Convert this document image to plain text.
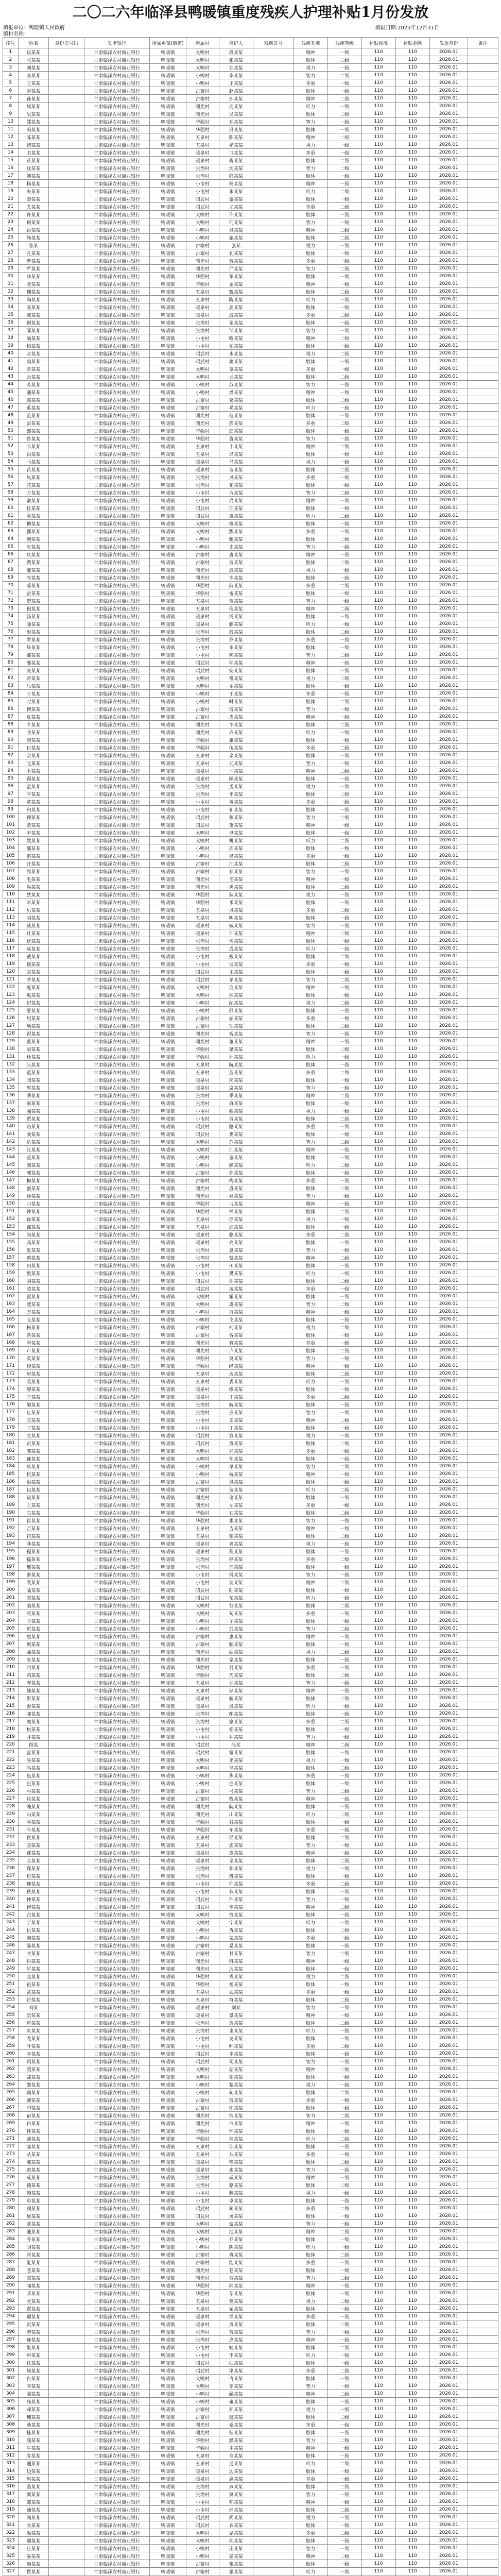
二〇二六年临泽县鸭暖镇重度残疾人护理补贴1月份发放
填报单位：鸭暖镇人民政府
镇村名称：
填报日期:2025年12月31日
序号	姓名	身份证号码	发卡银行	所属乡镇(街道)	所属村	监护人	残疾证号	残疾类别	残疾等级	补贴标准	补贴金额	发放月份	备注
1	段某某		甘肃临泽农村商业银行	鸭暖镇	大鸭村	段某某		精神	一级	110	110	2026.01	
2	张某某		甘肃临泽农村商业银行	鸭暖镇	大鸭村	张某某		肢体	二级	110	110	2026.01	
3	刘某某		甘肃临泽农村商业银行	鸭暖镇	大鸭村	刘某某		视力	一级	110	110	2026.01	
4	李某某		甘肃临泽农村商业银行	鸭暖镇	小鸭村	李某某		智力	二级	110	110	2026.01	
5	王某某		甘肃临泽农村商业银行	鸭暖镇	小鸭村	王某某		多重	一级	110	110	2026.01	
6	赵某某		甘肃临泽农村商业银行	鸭暖镇	古寨村	赵某某		肢体	一级	110	110	2026.01	
7	孙某某		甘肃临泽农村商业银行	鸭暖镇	古寨村	孙某某		精神	二级	110	110	2026.01	
8	周某某		甘肃临泽农村商业银行	鸭暖镇	曙光村	周某某		听力	一级	110	110	2026.01	
9	吴某某		甘肃临泽农村商业银行	鸭暖镇	曙光村	吴某某		肢体	二级	110	110	2026.01	
10	郑某某		甘肃临泽农村商业银行	鸭暖镇	华强村	郑某某		智力	一级	110	110	2026.01	
11	冯某某		甘肃临泽农村商业银行	鸭暖镇	华强村	冯某某		肢体	一级	110	110	2026.01	
12	陈某某		甘肃临泽农村商业银行	鸭暖镇	五泉村	陈某某		精神	二级	110	110	2026.01	
13	褚某某		甘肃临泽农村商业银行	鸭暖镇	五泉村	褚某某		视力	一级	110	110	2026.01	
14	卫某某		甘肃临泽农村商业银行	鸭暖镇	暖泉村	卫某某		多重	一级	110	110	2026.01	
15	蒋某某		甘肃临泽农村商业银行	鸭暖镇	暖泉村	蒋某某		肢体	二级	110	110	2026.01	
16	沈某某		甘肃临泽农村商业银行	鸭暖镇	张湾村	沈某某		智力	二级	110	110	2026.01	
17	韩某某		甘肃临泽农村商业银行	鸭暖镇	张湾村	韩某某		肢体	一级	110	110	2026.01	
18	杨某某		甘肃临泽农村商业银行	鸭暖镇	小屯村	杨某某		精神	一级	110	110	2026.01	
19	朱某某		甘肃临泽农村商业银行	鸭暖镇	小屯村	朱某某		听力	二级	110	110	2026.01	
20	秦某某		甘肃临泽农村商业银行	鸭暖镇	昭武村	秦某某		肢体	一级	110	110	2026.01	
21	尤某某		甘肃临泽农村商业银行	鸭暖镇	昭武村	尤某某		多重	二级	110	110	2026.01	
22	许某某		甘肃临泽农村商业银行	鸭暖镇	大鸭村	许某某		肢体	一级	110	110	2026.01	
23	何某某		甘肃临泽农村商业银行	鸭暖镇	大鸭村	何某某		智力	一级	110	110	2026.01	
24	吕某某		甘肃临泽农村商业银行	鸭暖镇	小鸭村	吕某某		精神	二级	110	110	2026.01	
25	施某某		甘肃临泽农村商业银行	鸭暖镇	小鸭村	施某某		肢体	二级	110	110	2026.01	
26	张某		甘肃临泽农村商业银行	鸭暖镇	古寨村	张某		视力	一级	110	110	2026.01	
27	孔某某		甘肃临泽农村商业银行	鸭暖镇	古寨村	孔某某		肢体	一级	110	110	2026.01	
28	曹某某		甘肃临泽农村商业银行	鸭暖镇	曙光村	曹某某		多重	一级	110	110	2026.01	
29	严某某		甘肃临泽农村商业银行	鸭暖镇	曙光村	严某某		智力	二级	110	110	2026.01	
30	华某某		甘肃临泽农村商业银行	鸭暖镇	华强村	华某某		肢体	一级	110	110	2026.01	
31	金某某		甘肃临泽农村商业银行	鸭暖镇	华强村	金某某		精神	一级	110	110	2026.01	
32	魏某某		甘肃临泽农村商业银行	鸭暖镇	五泉村	魏某某		肢体	二级	110	110	2026.01	
33	陶某某		甘肃临泽农村商业银行	鸭暖镇	五泉村	陶某某		听力	一级	110	110	2026.01	
34	姜某某		甘肃临泽农村商业银行	鸭暖镇	暖泉村	姜某某		肢体	一级	110	110	2026.01	
35	戚某某		甘肃临泽农村商业银行	鸭暖镇	暖泉村	戚某某		多重	二级	110	110	2026.01	
36	谢某某		甘肃临泽农村商业银行	鸭暖镇	张湾村	谢某某		肢体	一级	110	110	2026.01	
37	邹某某		甘肃临泽农村商业银行	鸭暖镇	张湾村	邹某某		智力	一级	110	110	2026.01	
38	喻某某		甘肃临泽农村商业银行	鸭暖镇	小屯村	喻某某		精神	二级	110	110	2026.01	
39	柏某某		甘肃临泽农村商业银行	鸭暖镇	小屯村	柏某某		肢体	一级	110	110	2026.01	
40	水某某		甘肃临泽农村商业银行	鸭暖镇	昭武村	水某某		视力	二级	110	110	2026.01	
41	窦某某		甘肃临泽农村商业银行	鸭暖镇	昭武村	窦某某		肢体	一级	110	110	2026.01	
42	章某某		甘肃临泽农村商业银行	鸭暖镇	大鸭村	章某某		多重	一级	110	110	2026.01	
43	云某某		甘肃临泽农村商业银行	鸭暖镇	大鸭村	云某某		肢体	二级	110	110	2026.01	
44	苏某某		甘肃临泽农村商业银行	鸭暖镇	小鸭村	苏某某		智力	一级	110	110	2026.01	
45	潘某某		甘肃临泽农村商业银行	鸭暖镇	小鸭村	潘某某		精神	一级	110	110	2026.01	
46	葛某某		甘肃临泽农村商业银行	鸭暖镇	古寨村	葛某某		肢体	二级	110	110	2026.01	
47	奚某某		甘肃临泽农村商业银行	鸭暖镇	古寨村	奚某某		听力	一级	110	110	2026.01	
48	范某某		甘肃临泽农村商业银行	鸭暖镇	曙光村	范某某		肢体	一级	110	110	2026.01	
49	彭某某		甘肃临泽农村商业银行	鸭暖镇	曙光村	彭某某		多重	二级	110	110	2026.01	
50	郎某某		甘肃临泽农村商业银行	鸭暖镇	华强村	郎某某		肢体	一级	110	110	2026.01	
51	鲁某某		甘肃临泽农村商业银行	鸭暖镇	华强村	鲁某某		智力	一级	110	110	2026.01	
52	韦某某		甘肃临泽农村商业银行	鸭暖镇	五泉村	韦某某		精神	二级	110	110	2026.01	
53	昌某某		甘肃临泽农村商业银行	鸭暖镇	五泉村	昌某某		肢体	一级	110	110	2026.01	
54	马某某		甘肃临泽农村商业银行	鸭暖镇	暖泉村	马某某		视力	一级	110	110	2026.01	
55	苗某某		甘肃临泽农村商业银行	鸭暖镇	暖泉村	苗某某		肢体	二级	110	110	2026.01	
56	凤某某		甘肃临泽农村商业银行	鸭暖镇	张湾村	凤某某		多重	一级	110	110	2026.01	
57	花某某		甘肃临泽农村商业银行	鸭暖镇	张湾村	花某某		肢体	一级	110	110	2026.01	
58	方某某		甘肃临泽农村商业银行	鸭暖镇	小屯村	方某某		智力	二级	110	110	2026.01	
59	俞某某		甘肃临泽农村商业银行	鸭暖镇	小屯村	俞某某		精神	一级	110	110	2026.01	
60	任某某		甘肃临泽农村商业银行	鸭暖镇	昭武村	任某某		肢体	一级	110	110	2026.01	
61	袁某某		甘肃临泽农村商业银行	鸭暖镇	昭武村	袁某某		听力	二级	110	110	2026.01	
62	柳某某		甘肃临泽农村商业银行	鸭暖镇	大鸭村	柳某某		肢体	一级	110	110	2026.01	
63	酆某某		甘肃临泽农村商业银行	鸭暖镇	大鸭村	酆某某		多重	一级	110	110	2026.01	
64	鲍某某		甘肃临泽农村商业银行	鸭暖镇	小鸭村	鲍某某		肢体	二级	110	110	2026.01	
65	史某某		甘肃临泽农村商业银行	鸭暖镇	小鸭村	史某某		智力	一级	110	110	2026.01	
66	唐某某		甘肃临泽农村商业银行	鸭暖镇	古寨村	唐某某		精神	一级	110	110	2026.01	
67	费某某		甘肃临泽农村商业银行	鸭暖镇	古寨村	费某某		肢体	二级	110	110	2026.01	
68	廉某某		甘肃临泽农村商业银行	鸭暖镇	曙光村	廉某某		视力	一级	110	110	2026.01	
69	岑某某		甘肃临泽农村商业银行	鸭暖镇	曙光村	岑某某		肢体	一级	110	110	2026.01	
70	薛某某		甘肃临泽农村商业银行	鸭暖镇	华强村	薛某某		多重	二级	110	110	2026.01	
71	雷某某		甘肃临泽农村商业银行	鸭暖镇	华强村	雷某某		肢体	一级	110	110	2026.01	
72	贺某某		甘肃临泽农村商业银行	鸭暖镇	五泉村	贺某某		智力	一级	110	110	2026.01	
73	倪某某		甘肃临泽农村商业银行	鸭暖镇	五泉村	倪某某		精神	二级	110	110	2026.01	
74	汤某某		甘肃临泽农村商业银行	鸭暖镇	暖泉村	汤某某		肢体	一级	110	110	2026.01	
75	滕某某		甘肃临泽农村商业银行	鸭暖镇	暖泉村	滕某某		听力	一级	110	110	2026.01	
76	殷某某		甘肃临泽农村商业银行	鸭暖镇	张湾村	殷某某		肢体	二级	110	110	2026.01	
77	罗某某		甘肃临泽农村商业银行	鸭暖镇	张湾村	罗某某		多重	一级	110	110	2026.01	
78	毕某某		甘肃临泽农村商业银行	鸭暖镇	小屯村	毕某某		肢体	一级	110	110	2026.01	
79	郝某某		甘肃临泽农村商业银行	鸭暖镇	小屯村	郝某某		智力	二级	110	110	2026.01	
80	邬某某		甘肃临泽农村商业银行	鸭暖镇	昭武村	邬某某		精神	一级	110	110	2026.01	
81	安某某		甘肃临泽农村商业银行	鸭暖镇	昭武村	安某某		肢体	一级	110	110	2026.01	
82	常某某		甘肃临泽农村商业银行	鸭暖镇	大鸭村	常某某		视力	二级	110	110	2026.01	
83	乐某某		甘肃临泽农村商业银行	鸭暖镇	大鸭村	乐某某		肢体	一级	110	110	2026.01	
84	于某某		甘肃临泽农村商业银行	鸭暖镇	小鸭村	于某某		多重	一级	110	110	2026.01	
85	时某某		甘肃临泽农村商业银行	鸭暖镇	小鸭村	时某某		肢体	二级	110	110	2026.01	
86	傅某某		甘肃临泽农村商业银行	鸭暖镇	古寨村	傅某某		智力	一级	110	110	2026.01	
87	皮某某		甘肃临泽农村商业银行	鸭暖镇	古寨村	皮某某		精神	一级	110	110	2026.01	
88	卞某某		甘肃临泽农村商业银行	鸭暖镇	曙光村	卞某某		肢体	二级	110	110	2026.01	
89	齐某某		甘肃临泽农村商业银行	鸭暖镇	曙光村	齐某某		听力	一级	110	110	2026.01	
90	康某某		甘肃临泽农村商业银行	鸭暖镇	华强村	康某某		肢体	一级	110	110	2026.01	
91	伍某某		甘肃临泽农村商业银行	鸭暖镇	华强村	伍某某		多重	二级	110	110	2026.01	
92	余某某		甘肃临泽农村商业银行	鸭暖镇	五泉村	余某某		肢体	一级	110	110	2026.01	
93	元某某		甘肃临泽农村商业银行	鸭暖镇	五泉村	元某某		智力	一级	110	110	2026.01	
94	卜某某		甘肃临泽农村商业银行	鸭暖镇	暖泉村	卜某某		精神	二级	110	110	2026.01	
95	顾某某		甘肃临泽农村商业银行	鸭暖镇	暖泉村	顾某某		肢体	一级	110	110	2026.01	
96	孟某某		甘肃临泽农村商业银行	鸭暖镇	张湾村	孟某某		视力	一级	110	110	2026.01	
97	平某某		甘肃临泽农村商业银行	鸭暖镇	张湾村	平某某		肢体	二级	110	110	2026.01	
98	黄某某		甘肃临泽农村商业银行	鸭暖镇	小屯村	黄某某		多重	一级	110	110	2026.01	
99	和某某		甘肃临泽农村商业银行	鸭暖镇	小屯村	和某某		肢体	一级	110	110	2026.01	
100	穆某某		甘肃临泽农村商业银行	鸭暖镇	昭武村	穆某某		智力	二级	110	110	2026.01	
101	萧某某		甘肃临泽农村商业银行	鸭暖镇	昭武村	萧某某		精神	一级	110	110	2026.01	
102	尹某某		甘肃临泽农村商业银行	鸭暖镇	大鸭村	尹某某		肢体	一级	110	110	2026.01	
103	姚某某		甘肃临泽农村商业银行	鸭暖镇	大鸭村	姚某某		听力	二级	110	110	2026.01	
104	邵某某		甘肃临泽农村商业银行	鸭暖镇	小鸭村	邵某某		肢体	一级	110	110	2026.01	
105	湛某某		甘肃临泽农村商业银行	鸭暖镇	小鸭村	湛某某		多重	一级	110	110	2026.01	
106	汪某某		甘肃临泽农村商业银行	鸭暖镇	古寨村	汪某某		肢体	二级	110	110	2026.01	
107	祁某某		甘肃临泽农村商业银行	鸭暖镇	古寨村	祁某某		智力	一级	110	110	2026.01	
108	毛某某		甘肃临泽农村商业银行	鸭暖镇	曙光村	毛某某		精神	一级	110	110	2026.01	
109	禹某某		甘肃临泽农村商业银行	鸭暖镇	曙光村	禹某某		肢体	二级	110	110	2026.01	
110	狄某某		甘肃临泽农村商业银行	鸭暖镇	华强村	狄某某		视力	一级	110	110	2026.01	
111	米某某		甘肃临泽农村商业银行	鸭暖镇	华强村	米某某		肢体	一级	110	110	2026.01	
112	贝某某		甘肃临泽农村商业银行	鸭暖镇	五泉村	贝某某		多重	二级	110	110	2026.01	
113	明某某		甘肃临泽农村商业银行	鸭暖镇	五泉村	明某某		肢体	一级	110	110	2026.01	
114	臧某某		甘肃临泽农村商业银行	鸭暖镇	暖泉村	臧某某		智力	一级	110	110	2026.01	
115	计某某		甘肃临泽农村商业银行	鸭暖镇	暖泉村	计某某		精神	二级	110	110	2026.01	
116	伏某某		甘肃临泽农村商业银行	鸭暖镇	张湾村	伏某某		肢体	一级	110	110	2026.01	
117	成某某		甘肃临泽农村商业银行	鸭暖镇	张湾村	成某某		听力	一级	110	110	2026.01	
118	戴某某		甘肃临泽农村商业银行	鸭暖镇	小屯村	戴某某		肢体	二级	110	110	2026.01	
119	谈某某		甘肃临泽农村商业银行	鸭暖镇	小屯村	谈某某		多重	一级	110	110	2026.01	
120	宋某某		甘肃临泽农村商业银行	鸭暖镇	昭武村	宋某某		肢体	一级	110	110	2026.01	
121	茅某某		甘肃临泽农村商业银行	鸭暖镇	昭武村	茅某某		智力	二级	110	110	2026.01	
122	庞某某		甘肃临泽农村商业银行	鸭暖镇	大鸭村	庞某某		精神	一级	110	110	2026.01	
123	熊某某		甘肃临泽农村商业银行	鸭暖镇	大鸭村	熊某某		肢体	一级	110	110	2026.01	
124	纪某某		甘肃临泽农村商业银行	鸭暖镇	小鸭村	纪某某		视力	二级	110	110	2026.01	
125	舒某某		甘肃临泽农村商业银行	鸭暖镇	小鸭村	舒某某		肢体	一级	110	110	2026.01	
126	屈某某		甘肃临泽农村商业银行	鸭暖镇	古寨村	屈某某		多重	一级	110	110	2026.01	
127	项某某		甘肃临泽农村商业银行	鸭暖镇	古寨村	项某某		肢体	二级	110	110	2026.01	
128	祝某某		甘肃临泽农村商业银行	鸭暖镇	曙光村	祝某某		智力	一级	110	110	2026.01	
129	董某某		甘肃临泽农村商业银行	鸭暖镇	曙光村	董某某		精神	一级	110	110	2026.01	
130	梁某某		甘肃临泽农村商业银行	鸭暖镇	华强村	梁某某		肢体	二级	110	110	2026.01	
131	杜某某		甘肃临泽农村商业银行	鸭暖镇	华强村	杜某某		听力	一级	110	110	2026.01	
132	阮某某		甘肃临泽农村商业银行	鸭暖镇	五泉村	阮某某		肢体	一级	110	110	2026.01	
133	蓝某某		甘肃临泽农村商业银行	鸭暖镇	五泉村	蓝某某		多重	二级	110	110	2026.01	
134	闵某某		甘肃临泽农村商业银行	鸭暖镇	暖泉村	闵某某		肢体	一级	110	110	2026.01	
135	席某某		甘肃临泽农村商业银行	鸭暖镇	暖泉村	席某某		智力	一级	110	110	2026.01	
136	季某某		甘肃临泽农村商业银行	鸭暖镇	张湾村	季某某		精神	二级	110	110	2026.01	
137	麻某某		甘肃临泽农村商业银行	鸭暖镇	张湾村	麻某某		肢体	一级	110	110	2026.01	
138	强某某		甘肃临泽农村商业银行	鸭暖镇	小屯村	强某某		视力	一级	110	110	2026.01	
139	贾某某		甘肃临泽农村商业银行	鸭暖镇	小屯村	贾某某		肢体	二级	110	110	2026.01	
140	路某某		甘肃临泽农村商业银行	鸭暖镇	昭武村	路某某		多重	一级	110	110	2026.01	
141	娄某某		甘肃临泽农村商业银行	鸭暖镇	昭武村	娄某某		肢体	一级	110	110	2026.01	
142	危某某		甘肃临泽农村商业银行	鸭暖镇	大鸭村	危某某		智力	二级	110	110	2026.01	
143	江某某		甘肃临泽农村商业银行	鸭暖镇	大鸭村	江某某		精神	一级	110	110	2026.01	
144	童某某		甘肃临泽农村商业银行	鸭暖镇	小鸭村	童某某		肢体	一级	110	110	2026.01	
145	颜某某		甘肃临泽农村商业银行	鸭暖镇	小鸭村	颜某某		听力	二级	110	110	2026.01	
146	郭某某		甘肃临泽农村商业银行	鸭暖镇	古寨村	郭某某		肢体	一级	110	110	2026.01	
147	梅某某		甘肃临泽农村商业银行	鸭暖镇	古寨村	梅某某		多重	一级	110	110	2026.01	
148	盛某某		甘肃临泽农村商业银行	鸭暖镇	曙光村	盛某某		肢体	二级	110	110	2026.01	
149	林某某		甘肃临泽农村商业银行	鸭暖镇	曙光村	林某某		智力	一级	110	110	2026.01	
150	刁某某		甘肃临泽农村商业银行	鸭暖镇	华强村	刁某某		精神	一级	110	110	2026.01	
151	钟某某		甘肃临泽农村商业银行	鸭暖镇	华强村	钟某某		肢体	二级	110	110	2026.01	
152	徐某某		甘肃临泽农村商业银行	鸭暖镇	五泉村	徐某某		视力	一级	110	110	2026.01	
153	邱某某		甘肃临泽农村商业银行	鸭暖镇	五泉村	邱某某		肢体	一级	110	110	2026.01	
154	骆某某		甘肃临泽农村商业银行	鸭暖镇	暖泉村	骆某某		多重	二级	110	110	2026.01	
155	高某某		甘肃临泽农村商业银行	鸭暖镇	暖泉村	高某某		肢体	一级	110	110	2026.01	
156	夏某某		甘肃临泽农村商业银行	鸭暖镇	张湾村	夏某某		智力	一级	110	110	2026.01	
157	蔡某某		甘肃临泽农村商业银行	鸭暖镇	张湾村	蔡某某		精神	二级	110	110	2026.01	
158	田某某		甘肃临泽农村商业银行	鸭暖镇	小屯村	田某某		肢体	一级	110	110	2026.01	
159	樊某某		甘肃临泽农村商业银行	鸭暖镇	小屯村	樊某某		听力	一级	110	110	2026.01	
160	胡某某		甘肃临泽农村商业银行	鸭暖镇	昭武村	胡某某		肢体	二级	110	110	2026.01	
161	凌某某		甘肃临泽农村商业银行	鸭暖镇	昭武村	凌某某		多重	一级	110	110	2026.01	
162	霍某某		甘肃临泽农村商业银行	鸭暖镇	大鸭村	霍某某		肢体	一级	110	110	2026.01	
163	虞某某		甘肃临泽农村商业银行	鸭暖镇	大鸭村	虞某某		智力	二级	110	110	2026.01	
164	万某某		甘肃临泽农村商业银行	鸭暖镇	小鸭村	万某某		精神	一级	110	110	2026.01	
165	支某某		甘肃临泽农村商业银行	鸭暖镇	小鸭村	支某某		肢体	一级	110	110	2026.01	
166	柯某某		甘肃临泽农村商业银行	鸭暖镇	古寨村	柯某某		视力	二级	110	110	2026.01	
167	昝某某		甘肃临泽农村商业银行	鸭暖镇	古寨村	昝某某		肢体	一级	110	110	2026.01	
168	管某某		甘肃临泽农村商业银行	鸭暖镇	曙光村	管某某		多重	一级	110	110	2026.01	
169	卢某某		甘肃临泽农村商业银行	鸭暖镇	曙光村	卢某某		肢体	二级	110	110	2026.01	
170	莫某某		甘肃临泽农村商业银行	鸭暖镇	华强村	莫某某		智力	一级	110	110	2026.01	
171	经某某		甘肃临泽农村商业银行	鸭暖镇	华强村	经某某		精神	一级	110	110	2026.01	
172	房某某		甘肃临泽农村商业银行	鸭暖镇	五泉村	房某某		肢体	二级	110	110	2026.01	
173	裘某某		甘肃临泽农村商业银行	鸭暖镇	五泉村	裘某某		听力	一级	110	110	2026.01	
174	缪某某		甘肃临泽农村商业银行	鸭暖镇	暖泉村	缪某某		肢体	一级	110	110	2026.01	
175	干某某		甘肃临泽农村商业银行	鸭暖镇	暖泉村	干某某		多重	二级	110	110	2026.01	
176	解某某		甘肃临泽农村商业银行	鸭暖镇	张湾村	解某某		肢体	一级	110	110	2026.01	
177	应某某		甘肃临泽农村商业银行	鸭暖镇	张湾村	应某某		智力	一级	110	110	2026.01	
178	宗某某		甘肃临泽农村商业银行	鸭暖镇	小屯村	宗某某		精神	二级	110	110	2026.01	
179	丁某某		甘肃临泽农村商业银行	鸭暖镇	小屯村	丁某某		肢体	一级	110	110	2026.01	
180	宣某某		甘肃临泽农村商业银行	鸭暖镇	昭武村	宣某某		视力	一级	110	110	2026.01	
181	贲某某		甘肃临泽农村商业银行	鸭暖镇	昭武村	贲某某		肢体	二级	110	110	2026.01	
182	邓某某		甘肃临泽农村商业银行	鸭暖镇	大鸭村	邓某某		多重	一级	110	110	2026.01	
183	郁某某		甘肃临泽农村商业银行	鸭暖镇	大鸭村	郁某某		肢体	一级	110	110	2026.01	
184	单某某		甘肃临泽农村商业银行	鸭暖镇	小鸭村	单某某		智力	二级	110	110	2026.01	
185	杭某某		甘肃临泽农村商业银行	鸭暖镇	小鸭村	杭某某		精神	一级	110	110	2026.01	
186	洪某某		甘肃临泽农村商业银行	鸭暖镇	古寨村	洪某某		肢体	一级	110	110	2026.01	
187	包某某		甘肃临泽农村商业银行	鸭暖镇	古寨村	包某某		听力	二级	110	110	2026.01	
188	诸某某		甘肃临泽农村商业银行	鸭暖镇	曙光村	诸某某		肢体	一级	110	110	2026.01	
189	左某某		甘肃临泽农村商业银行	鸭暖镇	曙光村	左某某		多重	一级	110	110	2026.01	
190	石某某		甘肃临泽农村商业银行	鸭暖镇	华强村	石某某		肢体	二级	110	110	2026.01	
191	崔某某		甘肃临泽农村商业银行	鸭暖镇	华强村	崔某某		智力	一级	110	110	2026.01	
192	吉某某		甘肃临泽农村商业银行	鸭暖镇	五泉村	吉某某		精神	一级	110	110	2026.01	
193	钮某某		甘肃临泽农村商业银行	鸭暖镇	五泉村	钮某某		肢体	二级	110	110	2026.01	
194	龚某某		甘肃临泽农村商业银行	鸭暖镇	暖泉村	龚某某		视力	一级	110	110	2026.01	
195	程某某		甘肃临泽农村商业银行	鸭暖镇	暖泉村	程某某		肢体	一级	110	110	2026.01	
196	嵇某某		甘肃临泽农村商业银行	鸭暖镇	张湾村	嵇某某		多重	二级	110	110	2026.01	
197	邢某某		甘肃临泽农村商业银行	鸭暖镇	张湾村	邢某某		肢体	一级	110	110	2026.01	
198	滑某某		甘肃临泽农村商业银行	鸭暖镇	小屯村	滑某某		智力	一级	110	110	2026.01	
199	裴某某		甘肃临泽农村商业银行	鸭暖镇	小屯村	裴某某		精神	二级	110	110	2026.01	
200	陆某某		甘肃临泽农村商业银行	鸭暖镇	昭武村	陆某某		肢体	一级	110	110	2026.01	
201	荣某某		甘肃临泽农村商业银行	鸭暖镇	昭武村	荣某某		听力	一级	110	110	2026.01	
202	翁某某		甘肃临泽农村商业银行	鸭暖镇	大鸭村	翁某某		肢体	二级	110	110	2026.01	
203	荀某某		甘肃临泽农村商业银行	鸭暖镇	大鸭村	荀某某		多重	一级	110	110	2026.01	
204	羊某某		甘肃临泽农村商业银行	鸭暖镇	小鸭村	羊某某		肢体	一级	110	110	2026.01	
205	於某某		甘肃临泽农村商业银行	鸭暖镇	小鸭村	於某某		智力	二级	110	110	2026.01	
206	惠某某		甘肃临泽农村商业银行	鸭暖镇	古寨村	惠某某		精神	一级	110	110	2026.01	
207	甄某某		甘肃临泽农村商业银行	鸭暖镇	古寨村	甄某某		肢体	一级	110	110	2026.01	
208	曲某某		甘肃临泽农村商业银行	鸭暖镇	曙光村	曲某某		视力	二级	110	110	2026.01	
209	家某某		甘肃临泽农村商业银行	鸭暖镇	曙光村	家某某		肢体	一级	110	110	2026.01	
210	封某某		甘肃临泽农村商业银行	鸭暖镇	华强村	封某某		多重	一级	110	110	2026.01	
211	芮某某		甘肃临泽农村商业银行	鸭暖镇	华强村	芮某某		肢体	二级	110	110	2026.01	
212	羿某某		甘肃临泽农村商业银行	鸭暖镇	五泉村	羿某某		智力	一级	110	110	2026.01	
213	储某某		甘肃临泽农村商业银行	鸭暖镇	五泉村	储某某		精神	一级	110	110	2026.01	
214	靳某某		甘肃临泽农村商业银行	鸭暖镇	暖泉村	靳某某		肢体	二级	110	110	2026.01	
215	汲某某		甘肃临泽农村商业银行	鸭暖镇	暖泉村	汲某某		听力	一级	110	110	2026.01	
216	邴某某		甘肃临泽农村商业银行	鸭暖镇	张湾村	邴某某		肢体	一级	110	110	2026.01	
217	糜某某		甘肃临泽农村商业银行	鸭暖镇	张湾村	糜某某		多重	二级	110	110	2026.01	
218	松某某		甘肃临泽农村商业银行	鸭暖镇	小屯村	松某某		肢体	一级	110	110	2026.01	
219	井某某		甘肃临泽农村商业银行	鸭暖镇	小屯村	井某某		智力	一级	110	110	2026.01	
220	段某		甘肃临泽农村商业银行	鸭暖镇	昭武村	段某		精神	二级	110	110	2026.01	
221	富某某		甘肃临泽农村商业银行	鸭暖镇	昭武村	富某某		肢体	一级	110	110	2026.01	
222	巫某某		甘肃临泽农村商业银行	鸭暖镇	大鸭村	巫某某		视力	一级	110	110	2026.01	
223	乌某某		甘肃临泽农村商业银行	鸭暖镇	大鸭村	乌某某		肢体	二级	110	110	2026.01	
224	焦某某		甘肃临泽农村商业银行	鸭暖镇	小鸭村	焦某某		多重	一级	110	110	2026.01	
225	巴某某		甘肃临泽农村商业银行	鸭暖镇	小鸭村	巴某某		肢体	一级	110	110	2026.01	
226	弓某某		甘肃临泽农村商业银行	鸭暖镇	古寨村	弓某某		智力	二级	110	110	2026.01	
227	牧某某		甘肃临泽农村商业银行	鸭暖镇	古寨村	牧某某		精神	一级	110	110	2026.01	
228	隗某某		甘肃临泽农村商业银行	鸭暖镇	曙光村	隗某某		肢体	一级	110	110	2026.01	
229	山某某		甘肃临泽农村商业银行	鸭暖镇	曙光村	山某某		听力	二级	110	110	2026.01	
230	谷某某		甘肃临泽农村商业银行	鸭暖镇	华强村	谷某某		肢体	一级	110	110	2026.01	
231	车某某		甘肃临泽农村商业银行	鸭暖镇	华强村	车某某		多重	一级	110	110	2026.01	
232	侯某某		甘肃临泽农村商业银行	鸭暖镇	五泉村	侯某某		肢体	二级	110	110	2026.01	
233	宓某某		甘肃临泽农村商业银行	鸭暖镇	五泉村	宓某某		智力	一级	110	110	2026.01	
234	蓬某某		甘肃临泽农村商业银行	鸭暖镇	暖泉村	蓬某某		精神	一级	110	110	2026.01	
235	全某某		甘肃临泽农村商业银行	鸭暖镇	暖泉村	全某某		肢体	二级	110	110	2026.01	
236	郗某某		甘肃临泽农村商业银行	鸭暖镇	张湾村	郗某某		视力	一级	110	110	2026.01	
237	班某某		甘肃临泽农村商业银行	鸭暖镇	张湾村	班某某		肢体	一级	110	110	2026.01	
238	仰某某		甘肃临泽农村商业银行	鸭暖镇	小屯村	仰某某		多重	二级	110	110	2026.01	
239	秋某某		甘肃临泽农村商业银行	鸭暖镇	小屯村	秋某某		肢体	一级	110	110	2026.01	
240	仲某某		甘肃临泽农村商业银行	鸭暖镇	昭武村	仲某某		智力	一级	110	110	2026.01	
241	伊某某		甘肃临泽农村商业银行	鸭暖镇	昭武村	伊某某		精神	二级	110	110	2026.01	
242	宫某某		甘肃临泽农村商业银行	鸭暖镇	大鸭村	宫某某		肢体	一级	110	110	2026.01	
243	宁某某		甘肃临泽农村商业银行	鸭暖镇	大鸭村	宁某某		听力	一级	110	110	2026.01	
244	仇某某		甘肃临泽农村商业银行	鸭暖镇	小鸭村	仇某某		肢体	二级	110	110	2026.01	
245	栾某某		甘肃临泽农村商业银行	鸭暖镇	小鸭村	栾某某		多重	一级	110	110	2026.01	
246	暴某某		甘肃临泽农村商业银行	鸭暖镇	古寨村	暴某某		肢体	一级	110	110	2026.01	
247	甘某某		甘肃临泽农村商业银行	鸭暖镇	古寨村	甘某某		智力	二级	110	110	2026.01	
248	钭某某		甘肃临泽农村商业银行	鸭暖镇	曙光村	钭某某		精神	一级	110	110	2026.01	
249	厉某某		甘肃临泽农村商业银行	鸭暖镇	曙光村	厉某某		肢体	一级	110	110	2026.01	
250	戎某某		甘肃临泽农村商业银行	鸭暖镇	华强村	戎某某		视力	二级	110	110	2026.01	
251	祖某某		甘肃临泽农村商业银行	鸭暖镇	华强村	祖某某		肢体	一级	110	110	2026.01	
252	武某某		甘肃临泽农村商业银行	鸭暖镇	五泉村	武某某		多重	一级	110	110	2026.01	
253	符某某		甘肃临泽农村商业银行	鸭暖镇	五泉村	符某某		肢体	二级	110	110	2026.01	
254	刘某		甘肃临泽农村商业银行	鸭暖镇	暖泉村	刘某		智力	一级	110	110	2026.01	
255	景某某		甘肃临泽农村商业银行	鸭暖镇	暖泉村	景某某		精神	一级	110	110	2026.01	
256	詹某某		甘肃临泽农村商业银行	鸭暖镇	张湾村	詹某某		肢体	二级	110	110	2026.01	
257	束某某		甘肃临泽农村商业银行	鸭暖镇	张湾村	束某某		听力	一级	110	110	2026.01	
258	龙某某		甘肃临泽农村商业银行	鸭暖镇	小屯村	龙某某		肢体	一级	110	110	2026.01	
259	叶某某		甘肃临泽农村商业银行	鸭暖镇	小屯村	叶某某		多重	二级	110	110	2026.01	
260	幸某某		甘肃临泽农村商业银行	鸭暖镇	昭武村	幸某某		肢体	一级	110	110	2026.01	
261	司某某		甘肃临泽农村商业银行	鸭暖镇	昭武村	司某某		智力	一级	110	110	2026.01	
262	韶某某		甘肃临泽农村商业银行	鸭暖镇	大鸭村	韶某某		精神	二级	110	110	2026.01	
263	郜某某		甘肃临泽农村商业银行	鸭暖镇	大鸭村	郜某某		肢体	一级	110	110	2026.01	
264	黎某某		甘肃临泽农村商业银行	鸭暖镇	小鸭村	黎某某		视力	一级	110	110	2026.01	
265	蓟某某		甘肃临泽农村商业银行	鸭暖镇	小鸭村	蓟某某		肢体	二级	110	110	2026.01	
266	薄某某		甘肃临泽农村商业银行	鸭暖镇	古寨村	薄某某		多重	一级	110	110	2026.01	
267	印某某		甘肃临泽农村商业银行	鸭暖镇	古寨村	印某某		肢体	一级	110	110	2026.01	
268	宿某某		甘肃临泽农村商业银行	鸭暖镇	曙光村	宿某某		智力	二级	110	110	2026.01	
269	白某某		甘肃临泽农村商业银行	鸭暖镇	曙光村	白某某		精神	一级	110	110	2026.01	
270	怀某某		甘肃临泽农村商业银行	鸭暖镇	华强村	怀某某		肢体	一级	110	110	2026.01	
271	蒲某某		甘肃临泽农村商业银行	鸭暖镇	华强村	蒲某某		听力	二级	110	110	2026.01	
272	邰某某		甘肃临泽农村商业银行	鸭暖镇	五泉村	邰某某		肢体	一级	110	110	2026.01	
273	从某某		甘肃临泽农村商业银行	鸭暖镇	五泉村	从某某		多重	一级	110	110	2026.01	
274	鄂某某		甘肃临泽农村商业银行	鸭暖镇	暖泉村	鄂某某		肢体	二级	110	110	2026.01	
275	索某某		甘肃临泽农村商业银行	鸭暖镇	暖泉村	索某某		智力	一级	110	110	2026.01	
276	咸某某		甘肃临泽农村商业银行	鸭暖镇	张湾村	咸某某		精神	一级	110	110	2026.01	
277	籍某某		甘肃临泽农村商业银行	鸭暖镇	张湾村	籍某某		肢体	二级	110	110	2026.01	
278	赖某某		甘肃临泽农村商业银行	鸭暖镇	小屯村	赖某某		视力	一级	110	110	2026.01	
279	卓某某		甘肃临泽农村商业银行	鸭暖镇	小屯村	卓某某		肢体	一级	110	110	2026.01	
280	蔺某某		甘肃临泽农村商业银行	鸭暖镇	昭武村	蔺某某		多重	二级	110	110	2026.01	
281	屠某某		甘肃临泽农村商业银行	鸭暖镇	昭武村	屠某某		肢体	一级	110	110	2026.01	
282	蒙某某		甘肃临泽农村商业银行	鸭暖镇	大鸭村	蒙某某		智力	一级	110	110	2026.01	
283	池某某		甘肃临泽农村商业银行	鸭暖镇	大鸭村	池某某		精神	二级	110	110	2026.01	
284	乔某某		甘肃临泽农村商业银行	鸭暖镇	小鸭村	乔某某		肢体	一级	110	110	2026.01	
285	阴某某		甘肃临泽农村商业银行	鸭暖镇	小鸭村	阴某某		听力	一级	110	110	2026.01	
286	胥某某		甘肃临泽农村商业银行	鸭暖镇	古寨村	胥某某		肢体	二级	110	110	2026.01	
287	能某某		甘肃临泽农村商业银行	鸭暖镇	古寨村	能某某		多重	一级	110	110	2026.01	
288	苍某某		甘肃临泽农村商业银行	鸭暖镇	曙光村	苍某某		肢体	一级	110	110	2026.01	
289	双某某		甘肃临泽农村商业银行	鸭暖镇	曙光村	双某某		智力	二级	110	110	2026.01	
290	闻某某		甘肃临泽农村商业银行	鸭暖镇	华强村	闻某某		精神	一级	110	110	2026.01	
291	莘某某		甘肃临泽农村商业银行	鸭暖镇	华强村	莘某某		肢体	一级	110	110	2026.01	
292	党某某		甘肃临泽农村商业银行	鸭暖镇	五泉村	党某某		视力	二级	110	110	2026.01	
293	翟某某		甘肃临泽农村商业银行	鸭暖镇	五泉村	翟某某		肢体	一级	110	110	2026.01	
294	谭某某		甘肃临泽农村商业银行	鸭暖镇	暖泉村	谭某某		多重	一级	110	110	2026.01	
295	贡某某		甘肃临泽农村商业银行	鸭暖镇	暖泉村	贡某某		肢体	二级	110	110	2026.01	
296	劳某某		甘肃临泽农村商业银行	鸭暖镇	张湾村	劳某某		智力	一级	110	110	2026.01	
297	逄某某		甘肃临泽农村商业银行	鸭暖镇	张湾村	逄某某		精神	一级	110	110	2026.01	
298	姬某某		甘肃临泽农村商业银行	鸭暖镇	小屯村	姬某某		肢体	二级	110	110	2026.01	
299	申某某		甘肃临泽农村商业银行	鸭暖镇	小屯村	申某某		听力	一级	110	110	2026.01	
300	扶某某		甘肃临泽农村商业银行	鸭暖镇	昭武村	扶某某		肢体	一级	110	110	2026.01	
301	堵某某		甘肃临泽农村商业银行	鸭暖镇	昭武村	堵某某		多重	二级	110	110	2026.01	
302	冉某某		甘肃临泽农村商业银行	鸭暖镇	大鸭村	冉某某		肢体	一级	110	110	2026.01	
303	宰某某		甘肃临泽农村商业银行	鸭暖镇	大鸭村	宰某某		智力	一级	110	110	2026.01	
304	郦某某		甘肃临泽农村商业银行	鸭暖镇	小鸭村	郦某某		精神	二级	110	110	2026.01	
305	雍某某		甘肃临泽农村商业银行	鸭暖镇	小鸭村	雍某某		肢体	一级	110	110	2026.01	
306	却某某		甘肃临泽农村商业银行	鸭暖镇	古寨村	却某某		视力	一级	110	110	2026.01	
307	璩某某		甘肃临泽农村商业银行	鸭暖镇	古寨村	璩某某		肢体	二级	110	110	2026.01	
308	桑某某		甘肃临泽农村商业银行	鸭暖镇	曙光村	桑某某		多重	一级	110	110	2026.01	
309	桂某某		甘肃临泽农村商业银行	鸭暖镇	曙光村	桂某某		肢体	一级	110	110	2026.01	
310	濮某某		甘肃临泽农村商业银行	鸭暖镇	华强村	濮某某		智力	二级	110	110	2026.01	
311	牛某某		甘肃临泽农村商业银行	鸭暖镇	华强村	牛某某		精神	一级	110	110	2026.01	
312	寿某某		甘肃临泽农村商业银行	鸭暖镇	五泉村	寿某某		肢体	一级	110	110	2026.01	
313	通某某		甘肃临泽农村商业银行	鸭暖镇	五泉村	通某某		听力	二级	110	110	2026.01	
314	边某某		甘肃临泽农村商业银行	鸭暖镇	暖泉村	边某某		肢体	一级	110	110	2026.01	
315	扈某某		甘肃临泽农村商业银行	鸭暖镇	暖泉村	扈某某		多重	一级	110	110	2026.01	
316	燕某某		甘肃临泽农村商业银行	鸭暖镇	张湾村	燕某某		肢体	二级	110	110	2026.01	
317	冀某某		甘肃临泽农村商业银行	鸭暖镇	张湾村	冀某某		智力	一级	110	110	2026.01	
318	郏某某		甘肃临泽农村商业银行	鸭暖镇	小屯村	郏某某		精神	一级	110	110	2026.01	
319	浦某某		甘肃临泽农村商业银行	鸭暖镇	小屯村	浦某某		肢体	二级	110	110	2026.01	
320	尚某某		甘肃临泽农村商业银行	鸭暖镇	昭武村	尚某某		视力	一级	110	110	2026.01	
321	农某某		甘肃临泽农村商业银行	鸭暖镇	昭武村	农某某		肢体	一级	110	110	2026.01	
322	温某某		甘肃临泽农村商业银行	鸭暖镇	大鸭村	温某某		多重	二级	110	110	2026.01	
323	别某某		甘肃临泽农村商业银行	鸭暖镇	大鸭村	别某某		肢体	一级	110	110	2026.01	
324	庄某某		甘肃临泽农村商业银行	鸭暖镇	小鸭村	庄某某		智力	一级	110	110	2026.01	
325	晏某某		甘肃临泽农村商业银行	鸭暖镇	小鸭村	晏某某		精神	二级	110	110	2026.01	
326	柴某某		甘肃临泽农村商业银行	鸭暖镇	古寨村	柴某某		肢体	一级	110	110	2026.01	
327	瞿某某		甘肃临泽农村商业银行	鸭暖镇	古寨村	瞿某某		听力	一级	110	110	2026.01	
